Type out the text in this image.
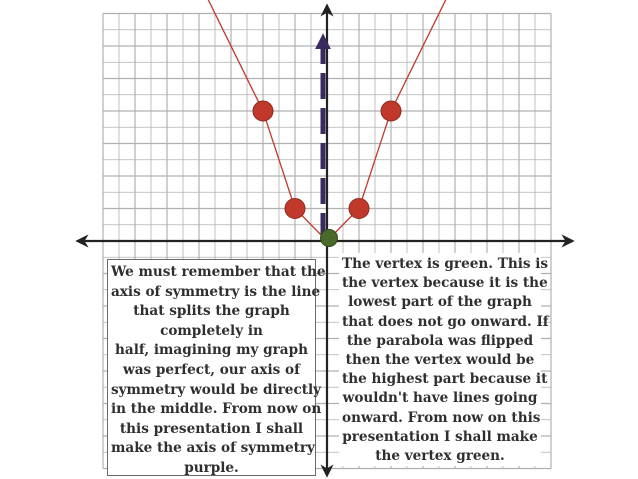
We must remember that the
axis of symmetry is the line
that splits the graph
completely in
half, imagining my graph
was perfect, our axis of
symmetry would be directly
in the middle. From now on
this presentation I shall
make the axis of symmetry
purple.
The vertex is green. This is
the vertex because it is the
lowest part of the graph
that does not go onward. If
the parabola was flipped
then the vertex would be
the highest part because it
wouldn't have lines going
onward. From now on this
presentation I shall make
the vertex green.
